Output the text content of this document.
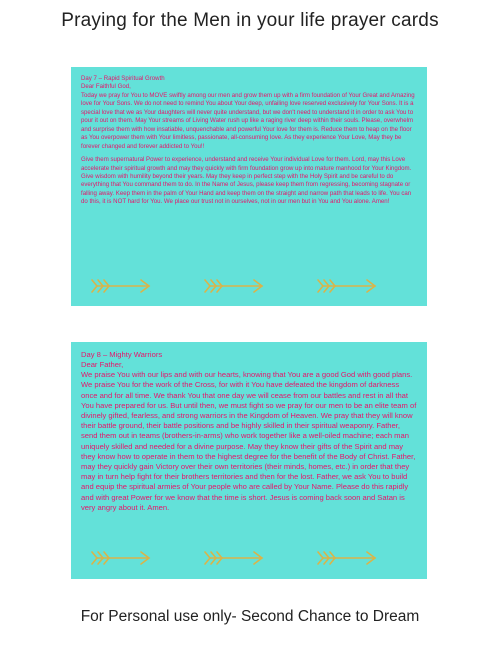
Praying for the Men in your life prayer cards
Day 7 – Rapid Spiritual Growth
Dear Faithful God,
Today we pray for You to MOVE swiftly among our men and grow them up with a firm foundation of Your Great and Amazing love for Your Sons. We do not need to remind You about Your deep, unfailing love reserved exclusively for Your Sons. It is a special love that we as Your daughters will never quite understand, but we don't need to understand it in order to ask You to pour it out on them. May Your streams of Living Water rush up like a raging river deep within their souls. Please, overwhelm and surprise them with how insatiable, unquenchable and powerful Your love for them is. Reduce them to heap on the floor as You overpower them with Your limitless, passionate, all-consuming love. As they experience Your Love, May they be forever changed and forever addicted to You!!
Give them supernatural Power to experience, understand and receive Your individual Love for them. Lord, may this Love accelerate their spiritual growth and may they quickly with firm foundation grow up into mature manhood for Your Kingdom. Give wisdom with humility beyond their years. May they keep in perfect step with the Holy Spirit and be careful to do everything that You command them to do. In the Name of Jesus, please keep them from regressing, becoming stagnate or falling away. Keep them in the palm of Your Hand and keep them on the straight and narrow path that leads to life. You can do this, it is NOT hard for You. We place our trust not in ourselves, not in our men but in You and You alone. Amen!
Day 8 – Mighty Warriors
Dear Father,
We praise You with our lips and with our hearts, knowing that You are a good God with good plans. We praise You for the work of the Cross, for with it You have defeated the kingdom of darkness once and for all time. We thank You that one day we will cease from our battles and rest in all that You have prepared for us. But until then, we must fight so we pray for our men to be an elite team of divinely gifted, fearless, and strong warriors in the Kingdom of Heaven. We pray that they will know their battle ground, their battle positions and be highly skilled in their spiritual weaponry. Father, send them out in teams (brothers-in-arms) who work together like a well-oiled machine; each man uniquely skilled and needed for a divine purpose. May they know their gifts of the Spirit and may they know how to operate in them to the highest degree for the benefit of the Body of Christ. Father, may they quickly gain Victory over their own territories (their minds, homes, etc.) in order that they may in turn help fight for their brothers territories and then for the lost. Father, we ask You to build and equip the spiritual armies of Your people who are called by Your Name. Please do this rapidly and with great Power for we know that the time is short. Jesus is coming back soon and Satan is very angry about it. Amen.
For Personal use only- Second Chance to Dream
